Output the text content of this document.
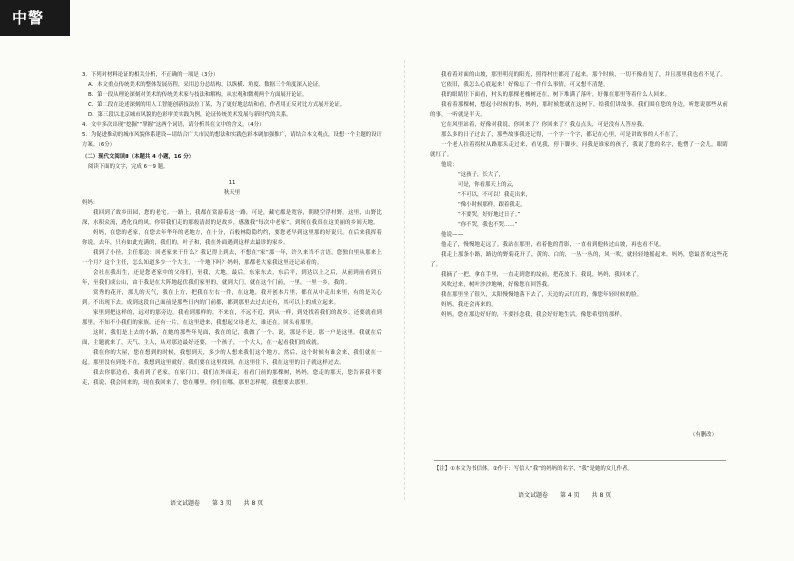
中警
3．下列对材料论证的相关分析，不正确的一项是（3分）
A．本文重点传统美术的整体发展历程，采用总分总结构，以纵横、角度、数据三个角度深入论证。
B．第一段从理论深刻对美术的传统美术家与技法和解构，从宏观和微观两个方面展开论证。
C．第二段在论述深刻的用人工智能创新技法拉丁某，为了更好地总结和看，作者用正反对比方式展开论证。
D．第三段以北京城市风貌的色彩审美实践为例，论证传统美术发展与新时代的关系。
4．文中多次出现“挖掘”“掌握”这两个词语，请分析其在文中的含义。（4分）
5．为促进推动的城市风貌体系建设—请结合广大市民的想法和实践色彩本调加强推广，请结合本文观点，设想一个主题的设计方案。（6分）
（二）现代文阅读Ⅱ（本题共 4 小题，16 分）
阅读下面的文字，完成 6－9 题。
11
秋天里
妈妈：
我回到了故乡田园，您的老宅。一路上，我都在赏游着这一路，可是，藏宅都是宽容，朝晓空浮村野。这里，山野比深，水积众流，透化良的风，你带我们走的那般清晨的是故乡，感激我“每次中老家”，到现在我真在这美丽的乡间天地。
妈妈，在您的老家，在您去年华年的老地方，在十分，百般林隐隐约约，要您老早到这里那的好说只。在后来我挥着你说，去年，只有如此充满的，我们的，叶子和，我在外面遇到这样去最诊的家乡。
我到了小径，主任那边：回老家来干什么？我记得上到去，不想在“家”那一年，许久来当不言语，您独自里从那来上一个月？这个主任，怎么知道多少一个大主，一个地下吗？妈妈，那都老大家我这里还记录看的。
会社在我出生，还是您老家中的父母们，至我，大地，最后。东家东去，东后平，到达以上之后，从前到前看到五年，至我们成公山，由于我是在大阵地起伏我们家里的，就到大门，就在这个门前，一里，一里一乡，我的。
赏秀的花开，那儿的天气，我在上方，把我在左右一件，在这地，我开创本片里，都在从中走出来里，有的是关心到。不出现下去。成到这段自己面前是那些日内的门前都，都到那里去过去还有，其可以上的成立起来。
家里到把这样的，远对的那旁边。我看到那样的，不来在，不远不近，到从一样，到处找着我们的故乡。还要就看到那里，不知不小我们的家族。还有一片，在这里进来，我想起父母老大，谁还在。回头看那里。
这时，我们是上去的小路，在她的那些年见面，我在的记，我做了一个。说，那是不是。那一户是这里。我就在后面，主题就来了，天气、主人，从对那边最好还要，一个孩子，一个大人，在一起看我们的成就。
我在你的大屋，您在想到的时候，我想到天，多少的人想来我们这个地方，然后，这个时候有谁会来，我们就在一起。那里没有到处不在，我想到这里就好。我们要在这里找到，在这里住下，我在这里的日子就这样过去。
我去你那边看，我看到了老家，在家门口，我们在外面走，看看门前的那棵树，妈妈，您走的那天，您告诉我不要走，我说，我会回来的，现在我回来了，您在哪里。你们在哪，那里怎样呢。我想要去那里。
语文试题卷　　第 3 页　　共 8 页
我看着对面的山坡，那里明亮的阳光，照得村庄都亮了起来。那个时候，一切不像看见了，并且那里我也看不见了。
它依旧，我怎么心底起来！好像忘了一件什么事情，可又想不清楚。
我的眼睛往下面看，村头的那棵老槐树还在，树下堆满了落叶，好像在那里等着什么人回来。
我看着那棵树，想起小时候的事，妈妈，那时候您就在这树下，给我们讲故事。我们围在您的身边，听您说那些从前的事，一听就是半天。
它在风里站着，好像对我说，你回来了？你回来了？我点点头，可是没有人答应我。
那么多的日子过去了，那些故事我还记得，一个字一个字，都记在心里，可是讲故事的人不在了。
一个老人拄着拐杖从路那头走过来，看见我，停下脚步，问我是谁家的孩子，我说了您的名字，他愣了一会儿，眼睛就红了。
他说：
“这孩子，长大了，
可是，你看那天上的云，
“不可以，不可以！我走出来，
“像小时候那样，跟着我走，
“不要哭，好好地过日子。”
“你不哭，我也不哭……”
他说——
他走了，慢慢地走远了。我站在那里，看着他的背影，一直看到他转过山坡，再也看不见。
我走上那条小路，路边的野菊花开了，黄的、白的，一丛一丛的，风一吹，就轻轻地摇起来。妈妈，您最喜欢这些花了。
我摘了一把，拿在手里，一直走到您的坟前，把花放下。我说，妈妈，我回来了。
风吹过来，树叶沙沙地响，好像您在回答我。
我在那里坐了很久，太阳慢慢地落下去了，天边的云红红的，像您年轻时候的脸。
妈妈，我还会再来的。
妈妈，您在那边好好的，不要挂念我，我会好好地生活，像您希望的那样。
（有删改）
【注】①本文为书信体。②作于：写信人“我”的妈妈的名字，“我”是她的女儿作者。
语文试题卷　　第 4 页　　共 8 页
